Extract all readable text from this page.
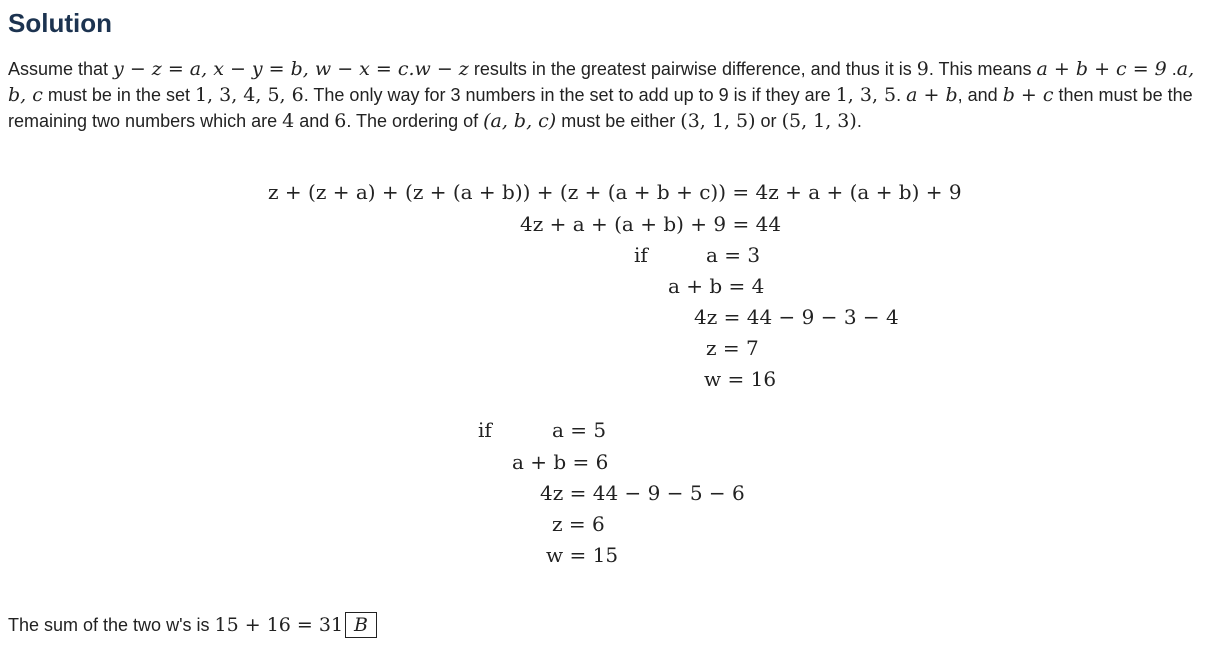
Solution

Assume that y − z = a, x − y = b, w − x = c.w − z results in the greatest pairwise difference, and thus it is 9. This means a + b + c = 9 .a, b, c must be in the set 1, 3, 4, 5, 6. The only way for 3 numbers in the set to add up to 9 is if they are 1, 3, 5. a + b, and b + c then must be the remaining two numbers which are 4 and 6. The ordering of (a, b, c) must be either (3, 1, 5) or (5, 1, 3).

z + (z + a) + (z + (a + b)) + (z + (a + b + c)) = 4z + a + (a + b) + 9
4z + a + (a + b) + 9 = 44
if	a = 3
a + b = 4
4z = 44 − 9 − 3 − 4
z = 7
w = 16
if	a = 5
a + b = 6
4z = 44 − 9 − 5 − 6
z = 6
w = 15
The sum of the two w's is 15 + 16 = 31 B
